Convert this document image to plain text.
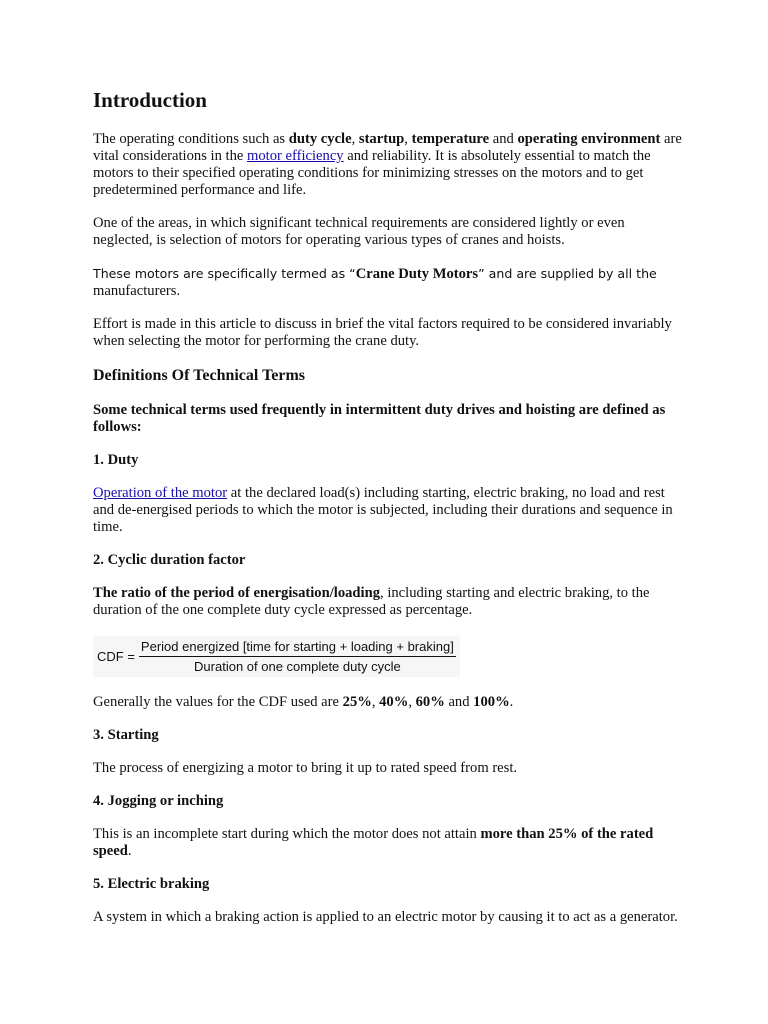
Introduction

The operating conditions such as duty cycle, startup, temperature and operating environment are vital considerations in the motor efficiency and reliability. It is absolutely essential to match the motors to their specified operating conditions for minimizing stresses on the motors and to get predetermined performance and life.

One of the areas, in which significant technical requirements are considered lightly or even neglected, is selection of motors for operating various types of cranes and hoists.

These motors are specifically termed as “Crane Duty Motors” and are supplied by all the manufacturers.

Effort is made in this article to discuss in brief the vital factors required to be considered invariably when selecting the motor for performing the crane duty.

Definitions Of Technical Terms

Some technical terms used frequently in intermittent duty drives and hoisting are defined as follows:

1. Duty

Operation of the motor at the declared load(s) including starting, electric braking, no load and rest and de-energised periods to which the motor is subjected, including their durations and sequence in time.

2. Cyclic duration factor

The ratio of the period of energisation/loading, including starting and electric braking, to the duration of the one complete duty cycle expressed as percentage.

CDF = $\frac{\text{Period energized [time for starting + loading + braking]}}{\text{Duration of one complete duty cycle}}$

Generally the values for the CDF used are 25%, 40%, 60% and 100%.

3. Starting

The process of energizing a motor to bring it up to rated speed from rest.

4. Jogging or inching

This is an incomplete start during which the motor does not attain more than 25% of the rated speed.

5. Electric braking

A system in which a braking action is applied to an electric motor by causing it to act as a generator.
